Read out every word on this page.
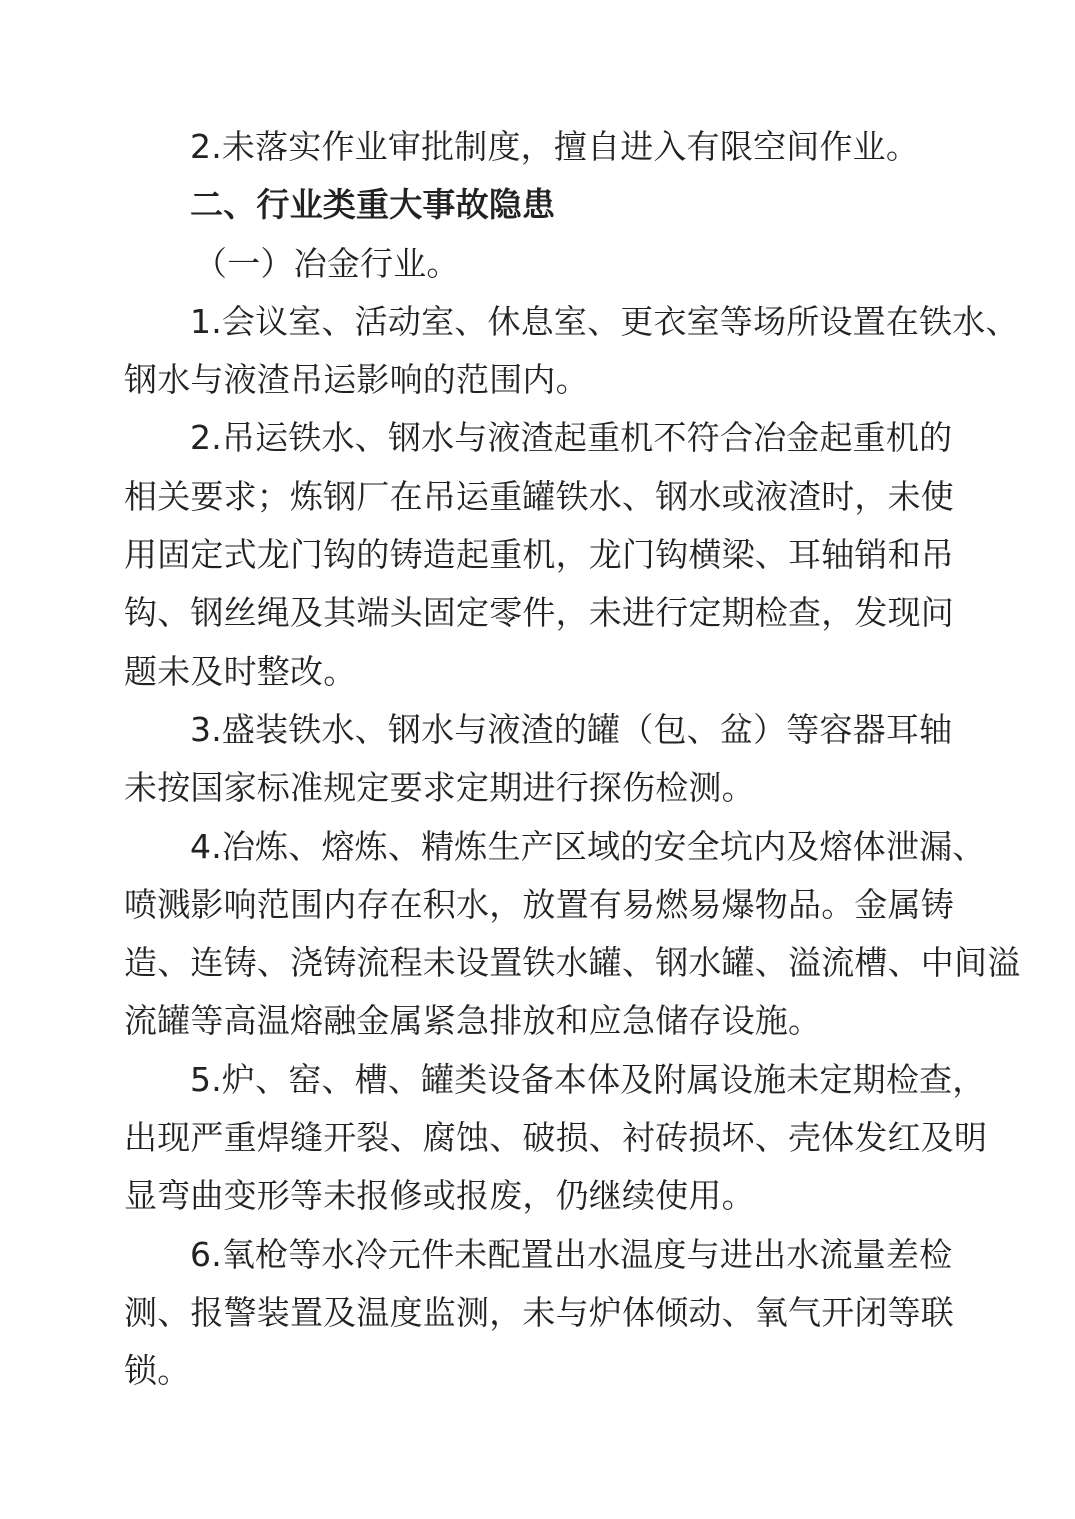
2.未落实作业审批制度，擅自进入有限空间作业。
二、行业类重大事故隐患
（一）冶金行业。
1.会议室、活动室、休息室、更衣室等场所设置在铁水、
钢水与液渣吊运影响的范围内。
2.吊运铁水、钢水与液渣起重机不符合冶金起重机的
相关要求；炼钢厂在吊运重罐铁水、钢水或液渣时，未使
用固定式龙门钩的铸造起重机，龙门钩横梁、耳轴销和吊
钩、钢丝绳及其端头固定零件，未进行定期检查，发现问
题未及时整改。
3.盛装铁水、钢水与液渣的罐（包、盆）等容器耳轴
未按国家标准规定要求定期进行探伤检测。
4.冶炼、熔炼、精炼生产区域的安全坑内及熔体泄漏、
喷溅影响范围内存在积水，放置有易燃易爆物品。金属铸
造、连铸、浇铸流程未设置铁水罐、钢水罐、溢流槽、中间溢
流罐等高温熔融金属紧急排放和应急储存设施。
5.炉、窑、槽、罐类设备本体及附属设施未定期检查，
出现严重焊缝开裂、腐蚀、破损、衬砖损坏、壳体发红及明
显弯曲变形等未报修或报废，仍继续使用。
6.氧枪等水冷元件未配置出水温度与进出水流量差检
测、报警装置及温度监测，未与炉体倾动、氧气开闭等联
锁。
